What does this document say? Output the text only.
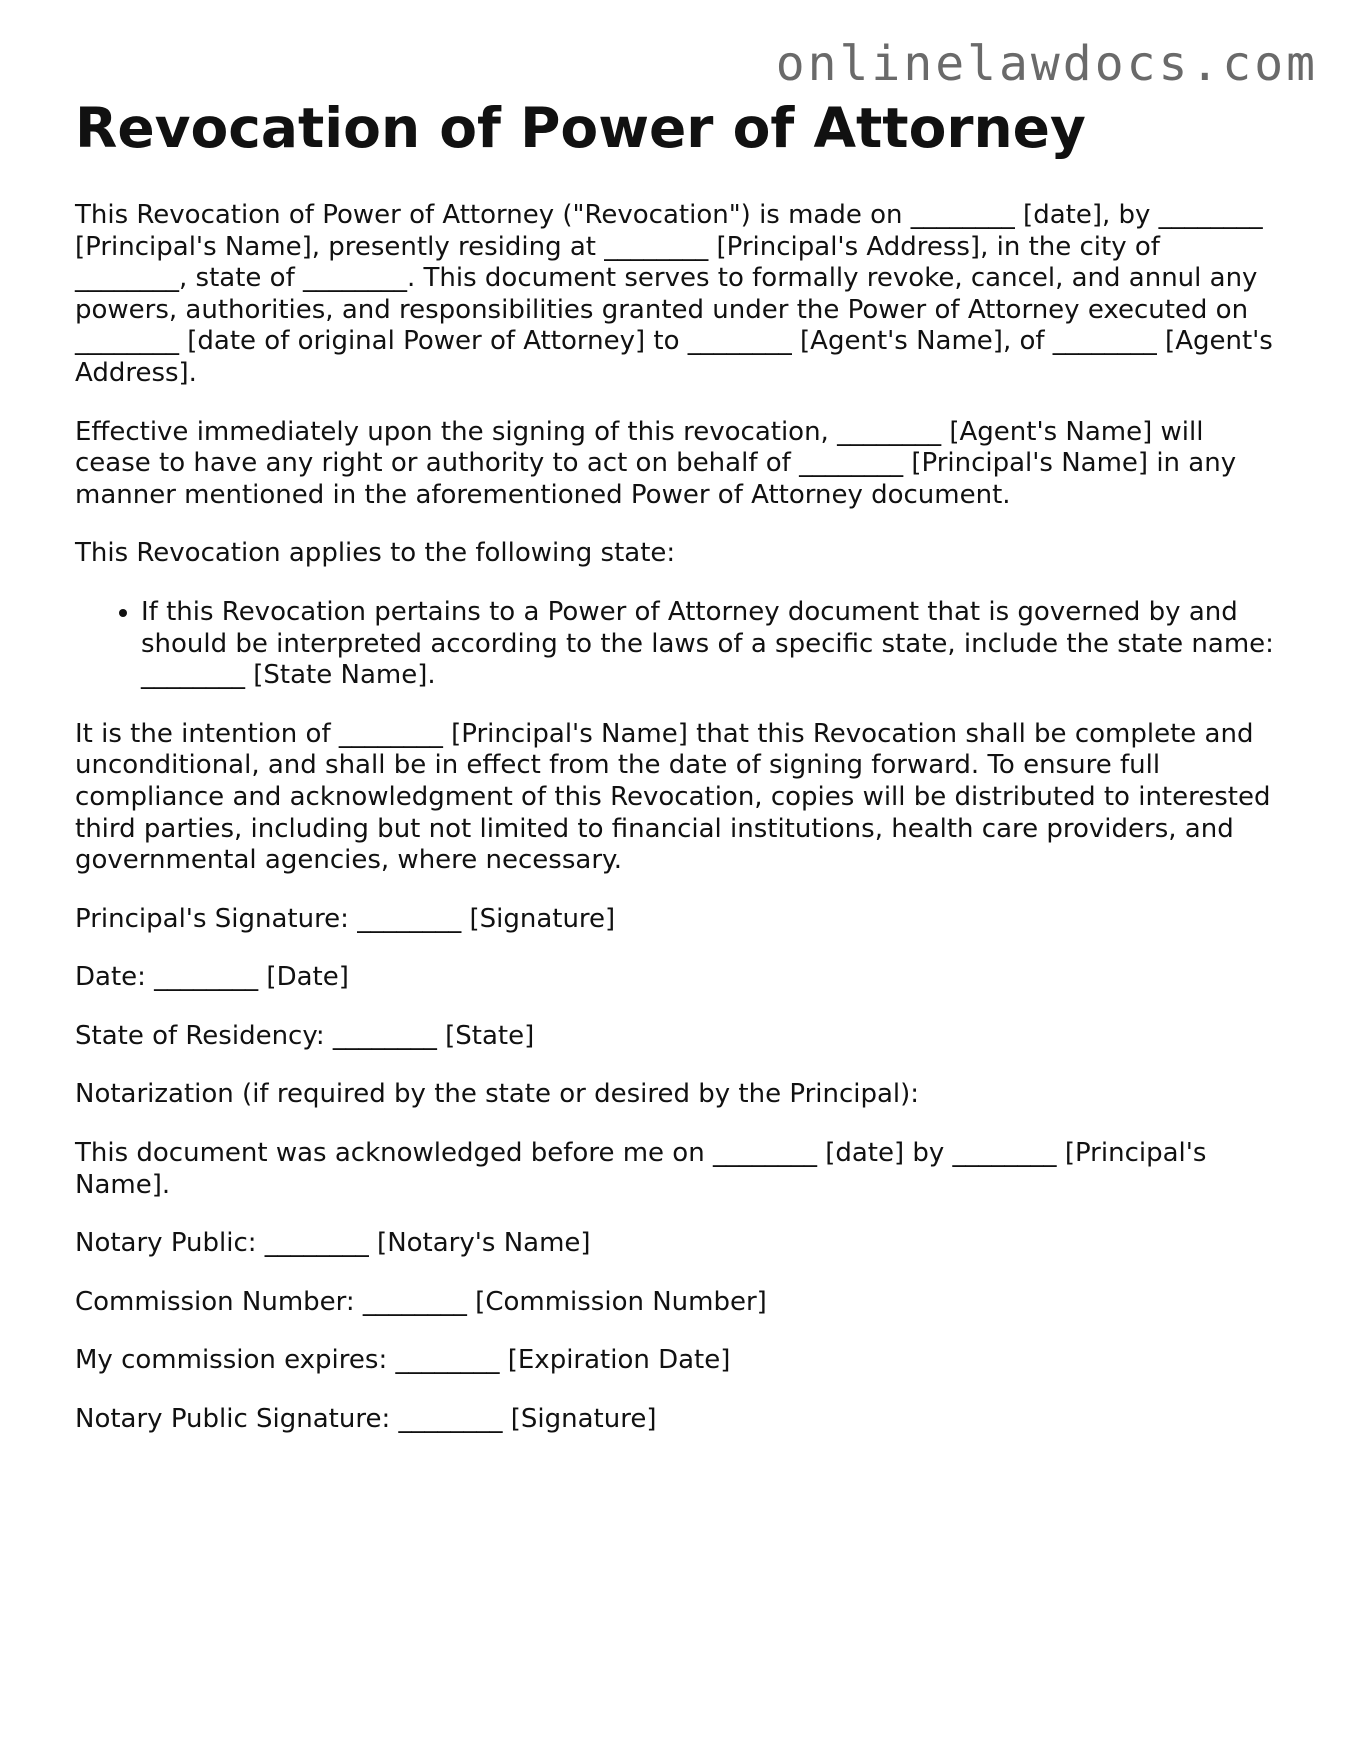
onlinelawdocs.com
Revocation of Power of Attorney

This Revocation of Power of Attorney ("Revocation") is made on ________ [date], by ________ [Principal's Name], presently residing at ________ [Principal's Address], in the city of ________, state of ________. This document serves to formally revoke, cancel, and annul any powers, authorities, and responsibilities granted under the Power of Attorney executed on ________ [date of original Power of Attorney] to ________ [Agent's Name], of ________ [Agent's Address].

Effective immediately upon the signing of this revocation, ________ [Agent's Name] will cease to have any right or authority to act on behalf of ________ [Principal's Name] in any manner mentioned in the aforementioned Power of Attorney document.

This Revocation applies to the following state:

• If this Revocation pertains to a Power of Attorney document that is governed by and should be interpreted according to the laws of a specific state, include the state name: ________ [State Name].

It is the intention of ________ [Principal's Name] that this Revocation shall be complete and unconditional, and shall be in effect from the date of signing forward. To ensure full compliance and acknowledgment of this Revocation, copies will be distributed to interested third parties, including but not limited to financial institutions, health care providers, and governmental agencies, where necessary.

Principal's Signature: ________ [Signature]

Date: ________ [Date]

State of Residency: ________ [State]

Notarization (if required by the state or desired by the Principal):

This document was acknowledged before me on ________ [date] by ________ [Principal's Name].

Notary Public: ________ [Notary's Name]

Commission Number: ________ [Commission Number]

My commission expires: ________ [Expiration Date]

Notary Public Signature: ________ [Signature]
